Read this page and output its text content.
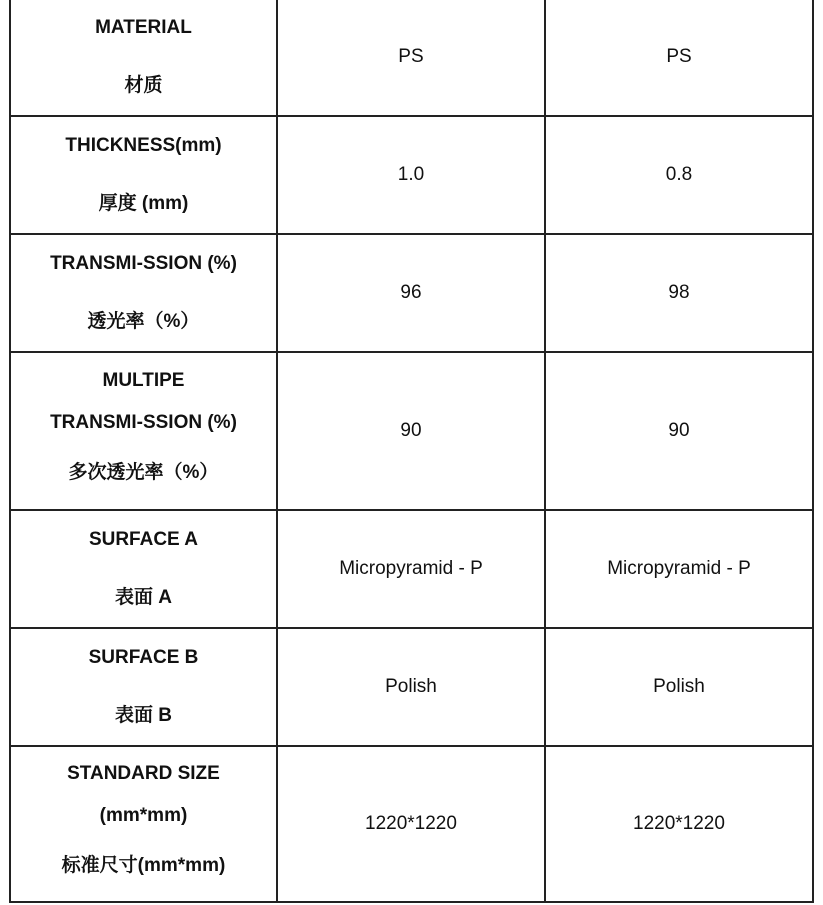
MATERIAL
材质	PS	PS

THICKNESS(mm)
厚度 (mm)	1.0	0.8

TRANSMI-SSION (%)
透光率（%）	96	98

MULTIPE
TRANSMI-SSION (%)
多次透光率（%）	90	90

SURFACE A
表面 A	Micropyramid - P	Micropyramid - P

SURFACE B
表面 B	Polish	Polish

STANDARD SIZE
(mm*mm)
标准尺寸(mm*mm)	1220*1220	1220*1220
